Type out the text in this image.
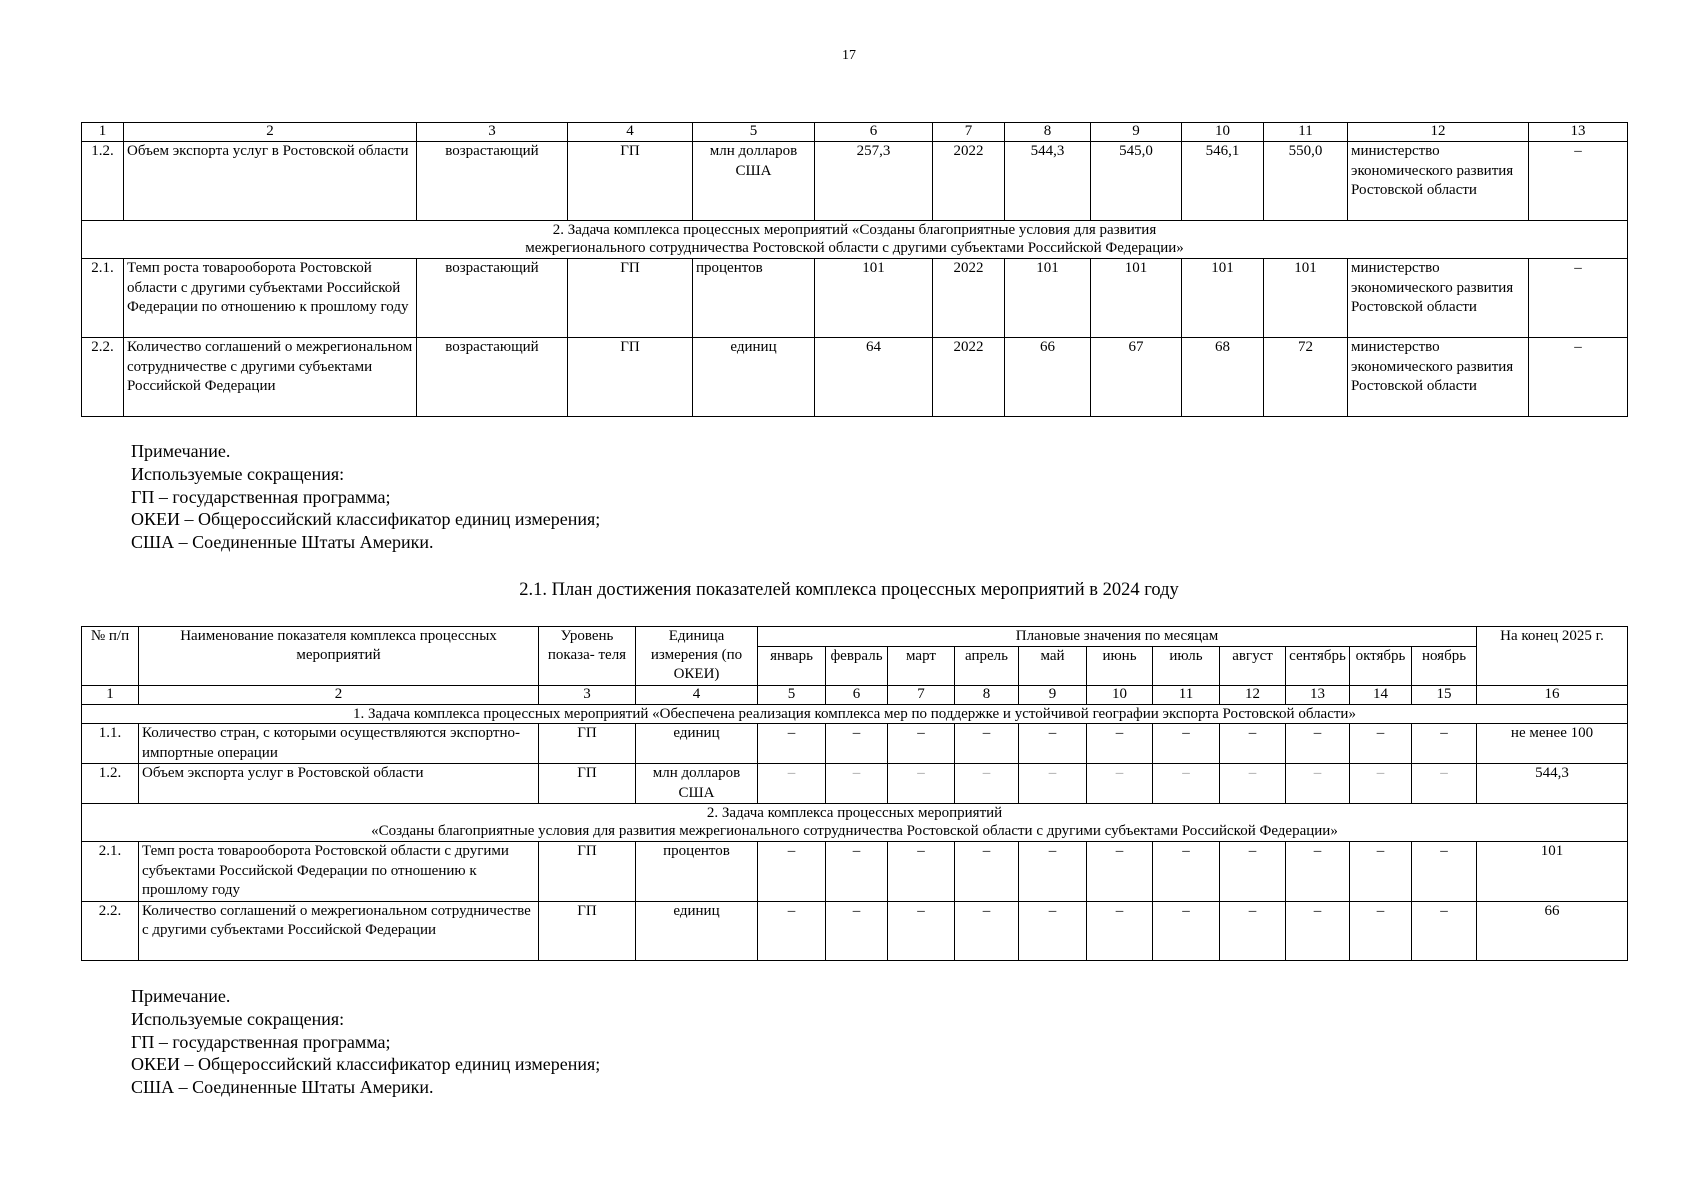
17
1	2	3	4	5	6	7	8	9	10	11	12	13
1.2.	Объем экспорта услуг в Ростовской области	возрастающий	ГП	млн долларов США	257,3	2022	544,3	545,0	546,1	550,0	министерство экономического развития Ростовской области	–

2. Задача комплекса процессных мероприятий «Созданы благоприятные условия для развития
межрегионального сотрудничества Ростовской области с другими субъектами Российской Федерации»												

2.1.	Темп роста товарооборота Ростовской области с другими субъектами Российской Федерации по отношению к прошлому году	возрастающий	ГП	процентов	101	2022	101	101	101	101	министерство экономического развития Ростовской области	–
2.2.	Количество соглашений о межрегиональном сотрудничестве с другими субъектами Российской Федерации	возрастающий	ГП	единиц	64	2022	66	67	68	72	министерство экономического развития Ростовской области	–
Примечание.
Используемые сокращения:
ГП – государственная программа;
ОКЕИ – Общероссийский классификатор единиц измерения;
США – Соединенные Штаты Америки.
2.1. План достижения показателей комплекса процессных мероприятий в 2024 году
№ п/п	Наименование показателя комплекса процессных мероприятий	Уровень показа- теля	Единица измерения (по ОКЕИ)	Плановые значения по месяцам											На конец 2025 г.
				январь	февраль	март	апрель	май	июнь	июль	август	сентябрь	октябрь	ноябрь	
1	2	3	4	5	6	7	8	9	10	11	12	13	14	15	16
1. Задача комплекса процессных мероприятий «Обеспечена реализация комплекса мер по поддержке и устойчивой географии экспорта Ростовской области»															
1.1.	Количество стран, с которыми осуществляются экспортно-импортные операции	ГП	единиц	–	–	–	–	–	–	–	–	–	–	–	не менее 100
1.2.	Объем экспорта услуг в Ростовской области	ГП	млн долларов США	–	–	–	–	–	–	–	–	–	–	–	544,3

2. Задача комплекса процессных мероприятий
«Созданы благоприятные условия для развития межрегионального сотрудничества Ростовской области с другими субъектами Российской Федерации»															

2.1.	Темп роста товарооборота Ростовской области с другими субъектами Российской Федерации по отношению к прошлому году	ГП	процентов	–	–	–	–	–	–	–	–	–	–	–	101
2.2.	Количество соглашений о межрегиональном сотрудничестве с другими субъектами Российской Федерации	ГП	единиц	–	–	–	–	–	–	–	–	–	–	–	66
Примечание.
Используемые сокращения:
ГП – государственная программа;
ОКЕИ – Общероссийский классификатор единиц измерения;
США – Соединенные Штаты Америки.
